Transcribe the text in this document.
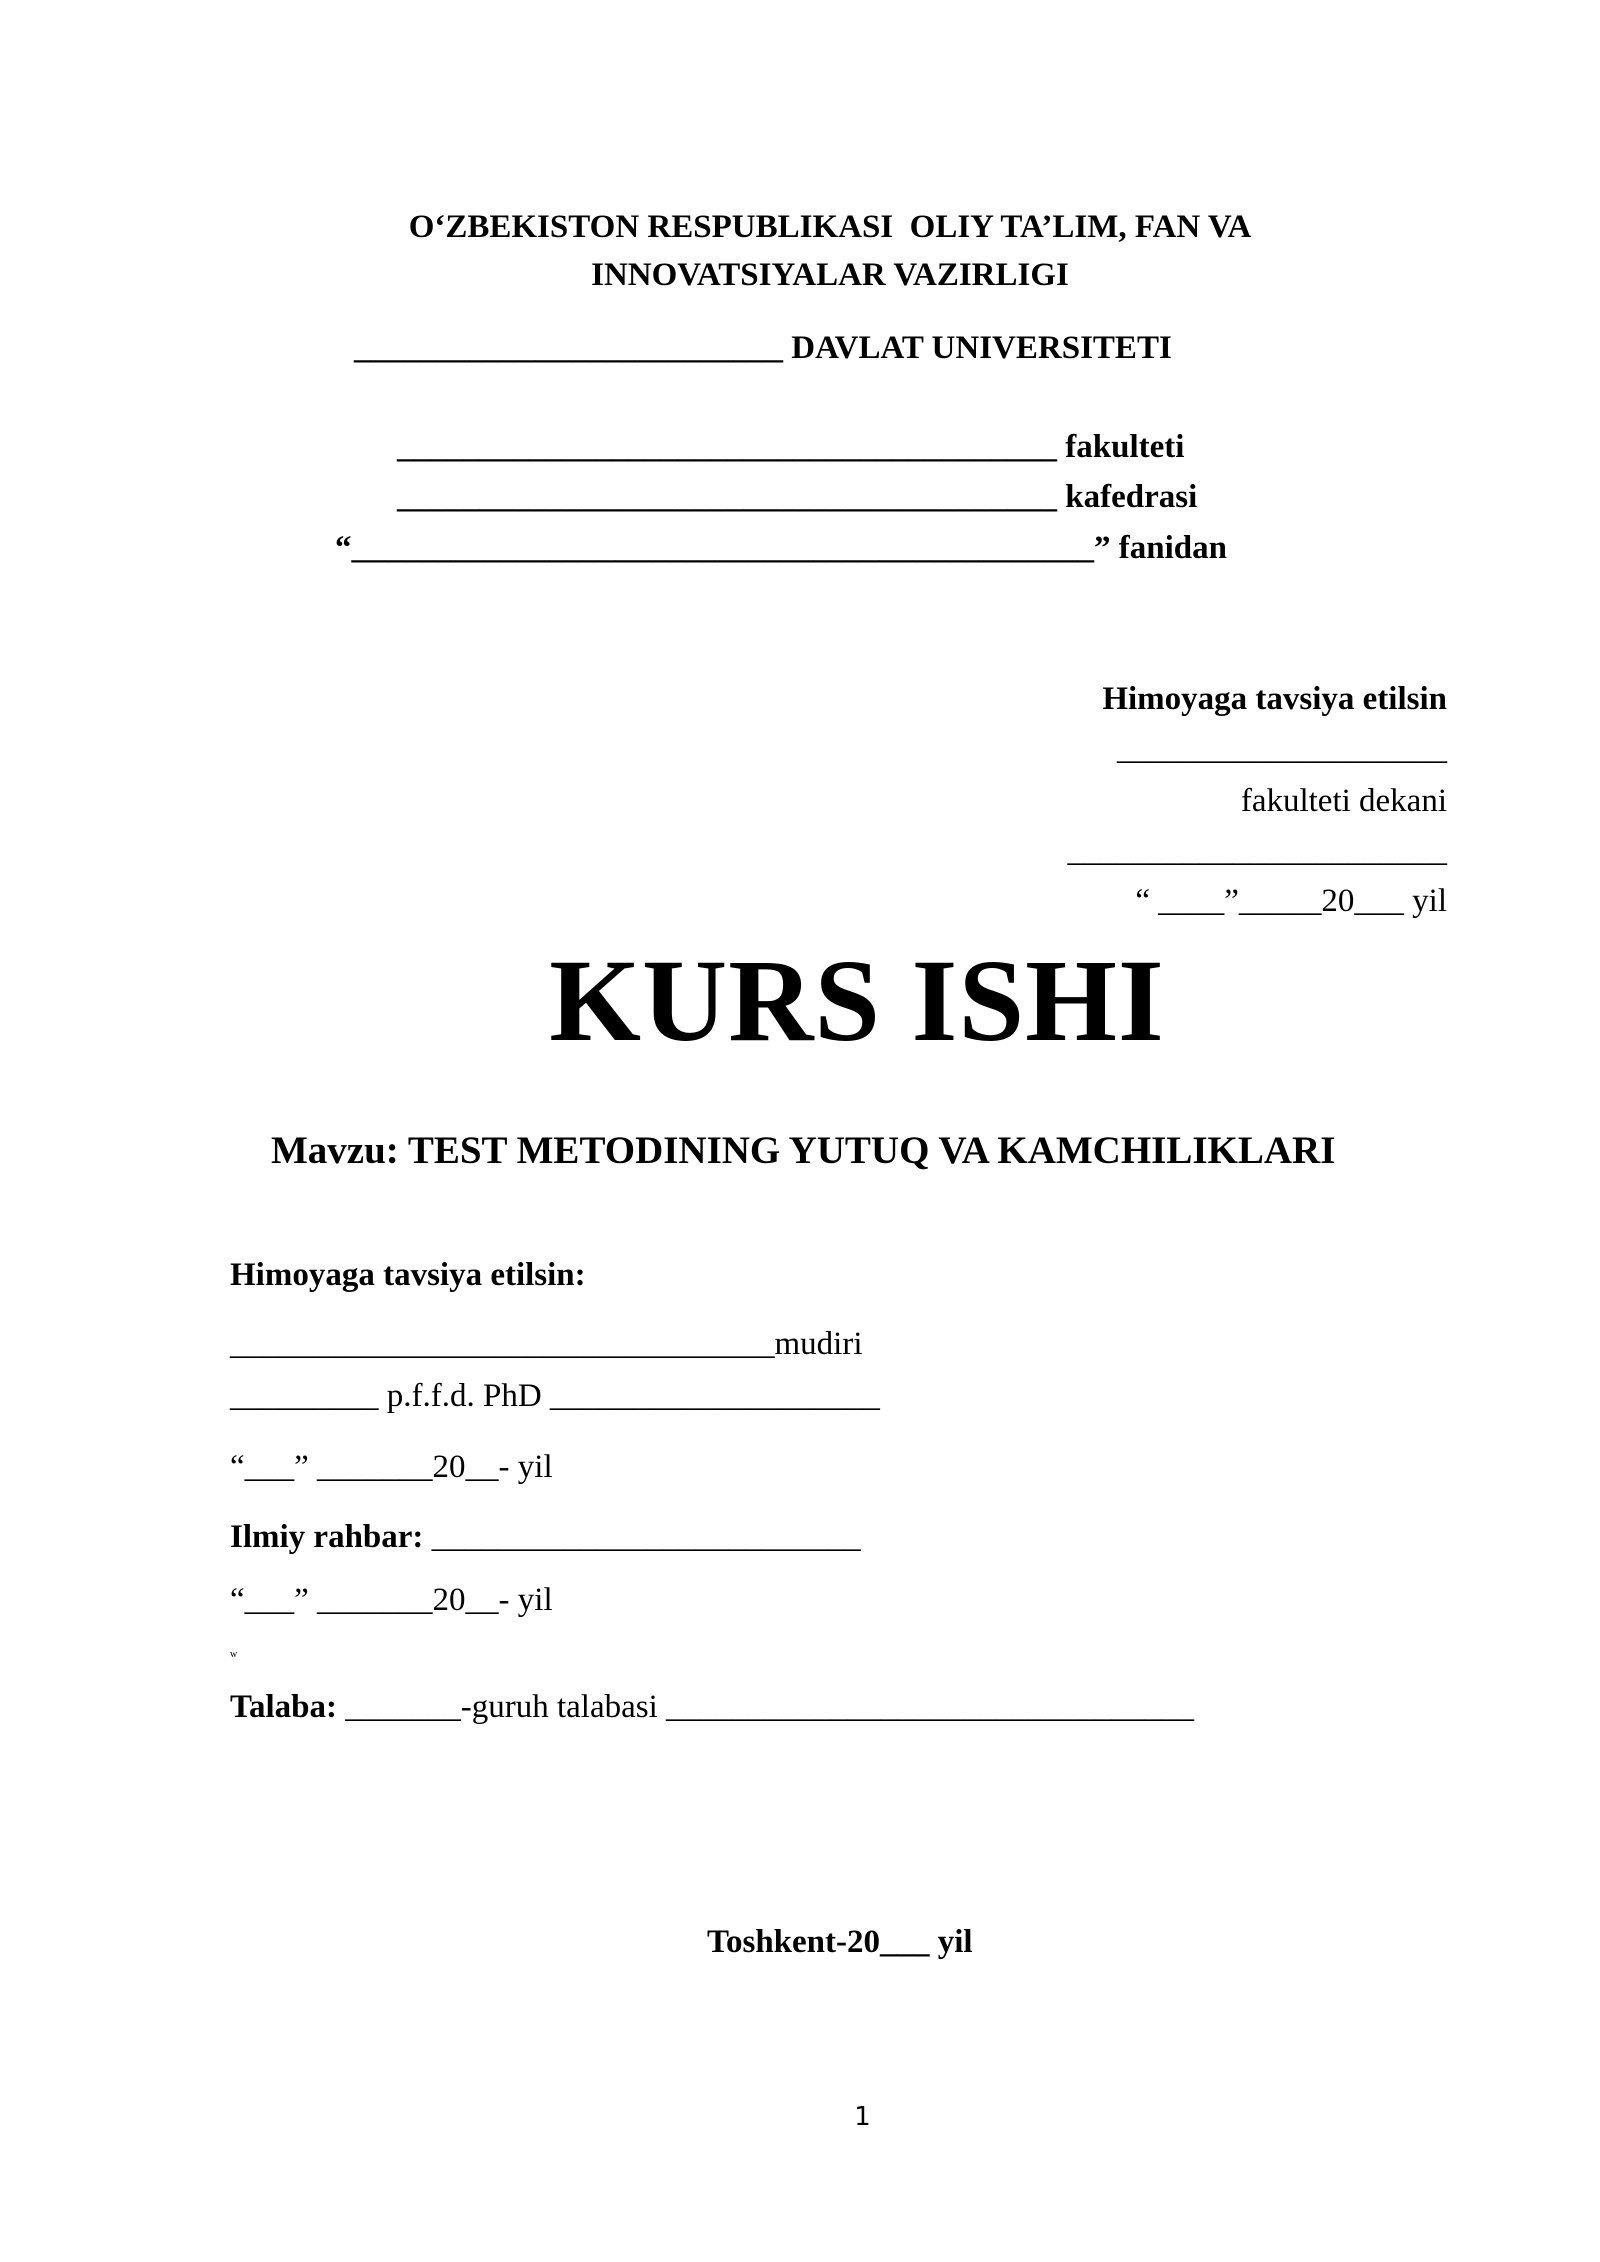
O‘ZBEKISTON RESPUBLIKASI  OLIY TA’LIM, FAN VA
INNOVATSIYALAR VAZIRLIGI
__________________________ DAVLAT UNIVERSITETI
________________________________________ fakulteti
________________________________________ kafedrasi
“_____________________________________________” fanidan
Himoyaga tavsiya etilsin
____________________
fakulteti dekani
_______________________
“ ____”_____20___ yil
KURS ISHI
Mavzu: TEST METODINING YUTUQ VA KAMCHILIKLARI
Himoyaga tavsiya etilsin:
_________________________________mudiri
_________ p.f.f.d. PhD ____________________
“___” _______20__- yil
Ilmiy rahbar: __________________________
“___” _______20__- yil
w
Talaba: _______-guruh talabasi ________________________________
Toshkent-20___ yil
1
